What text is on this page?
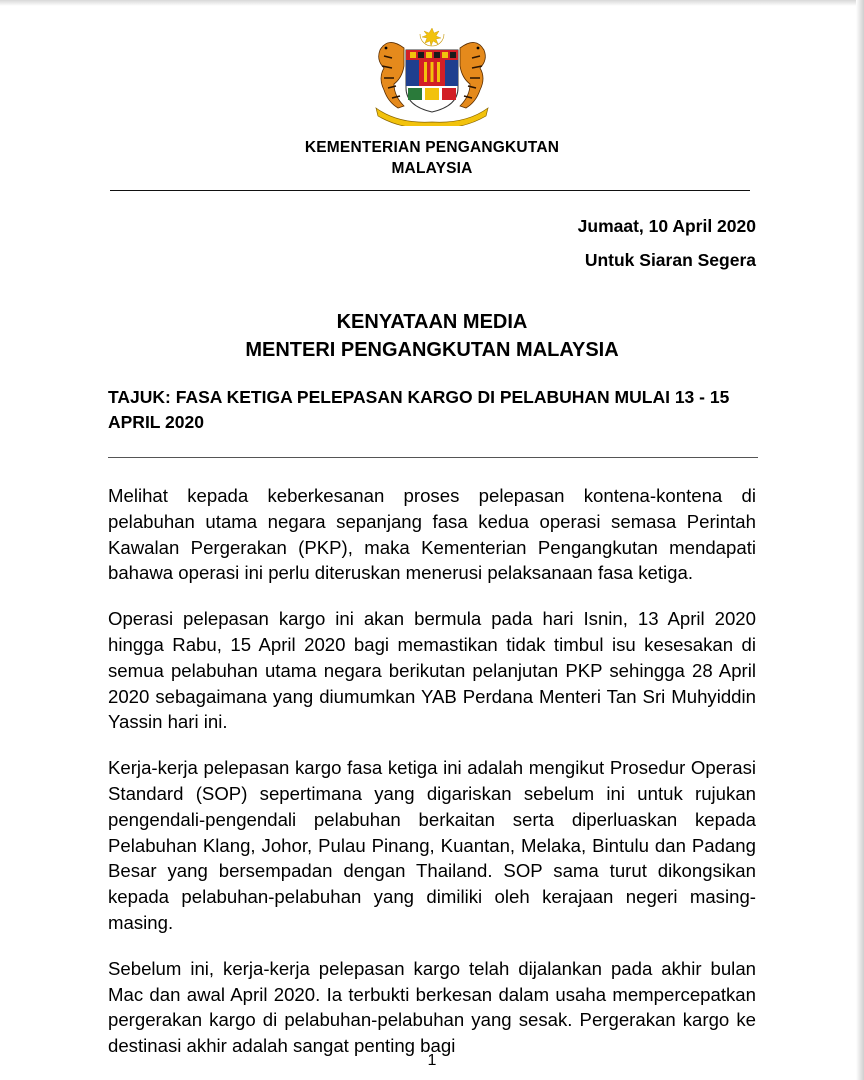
KEMENTERIAN PENGANGKUTAN
MALAYSIA
Jumaat, 10 April 2020
Untuk Siaran Segera
KENYATAAN MEDIA
MENTERI PENGANGKUTAN MALAYSIA
TAJUK: FASA KETIGA PELEPASAN KARGO DI PELABUHAN MULAI 13 - 15 APRIL 2020

Melihat kepada keberkesanan proses pelepasan kontena-kontena di pelabuhan utama negara sepanjang fasa kedua operasi semasa Perintah Kawalan Pergerakan (PKP), maka Kementerian Pengangkutan mendapati bahawa operasi ini perlu diteruskan menerusi pelaksanaan fasa ketiga.

Operasi pelepasan kargo ini akan bermula pada hari Isnin, 13 April 2020 hingga Rabu, 15 April 2020 bagi memastikan tidak timbul isu kesesakan di semua pelabuhan utama negara berikutan pelanjutan PKP sehingga 28 April 2020 sebagaimana yang diumumkan YAB Perdana Menteri Tan Sri Muhyiddin Yassin hari ini.

Kerja-kerja pelepasan kargo fasa ketiga ini adalah mengikut Prosedur Operasi Standard (SOP) sepertimana yang digariskan sebelum ini untuk rujukan pengendali-pengendali pelabuhan berkaitan serta diperluaskan kepada Pelabuhan Klang, Johor, Pulau Pinang, Kuantan, Melaka, Bintulu dan Padang Besar yang bersempadan dengan Thailand. SOP sama turut dikongsikan kepada pelabuhan-pelabuhan yang dimiliki oleh kerajaan negeri masing-masing.

Sebelum ini, kerja-kerja pelepasan kargo telah dijalankan pada akhir bulan Mac dan awal April 2020. Ia terbukti berkesan dalam usaha mempercepatkan pergerakan kargo di pelabuhan-pelabuhan yang sesak. Pergerakan kargo ke destinasi akhir adalah sangat penting bagi

1
